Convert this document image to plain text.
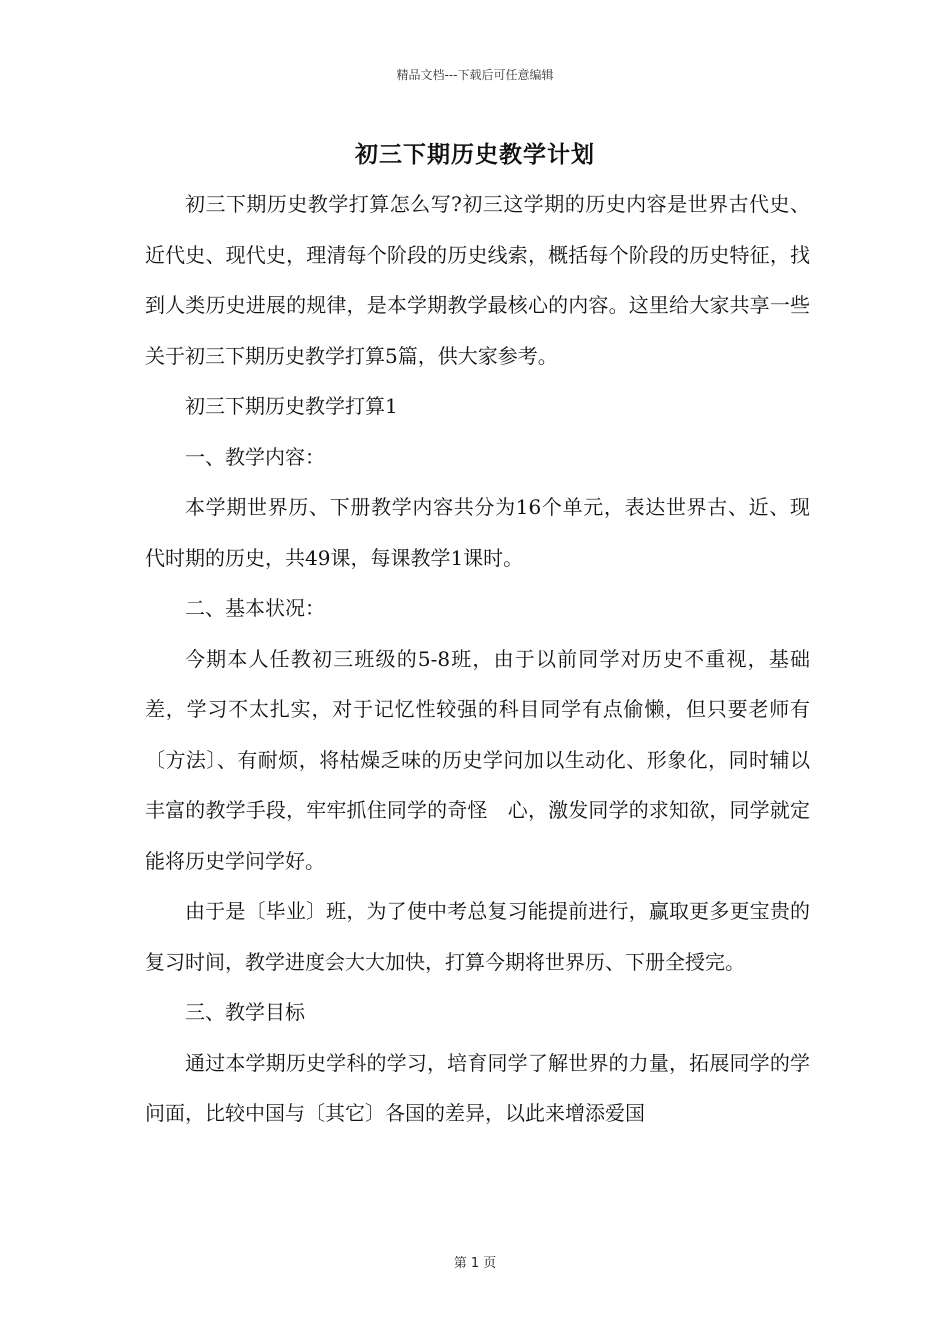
精品文档---下载后可任意编辑
初三下期历史教学计划

初三下期历史教学打算怎么写?初三这学期的历史内容是世界古代史、近代史、现代史，理清每个阶段的历史线索，概括每个阶段的历史特征，找到人类历史进展的规律，是本学期教学最核心的内容。这里给大家共享一些关于初三下期历史教学打算5篇，供大家参考。

初三下期历史教学打算1

一、教学内容：

本学期世界历、下册教学内容共分为16个单元，表达世界古、近、现代时期的历史，共49课，每课教学1课时。

二、基本状况：

今期本人任教初三班级的5-8班，由于以前同学对历史不重视，基础差，学习不太扎实，对于记忆性较强的科目同学有点偷懒，但只要老师有〔方法〕、有耐烦，将枯燥乏味的历史学问加以生动化、形象化，同时辅以丰富的教学手段，牢牢抓住同学的奇怪　心，激发同学的求知欲，同学就定能将历史学问学好。

由于是〔毕业〕班，为了使中考总复习能提前进行，赢取更多更宝贵的复习时间，教学进度会大大加快，打算今期将世界历、下册全授完。

三、教学目标

通过本学期历史学科的学习，培育同学了解世界的力量，拓展同学的学问面，比较中国与〔其它〕各国的差异，以此来增添爱国

第 1 页
